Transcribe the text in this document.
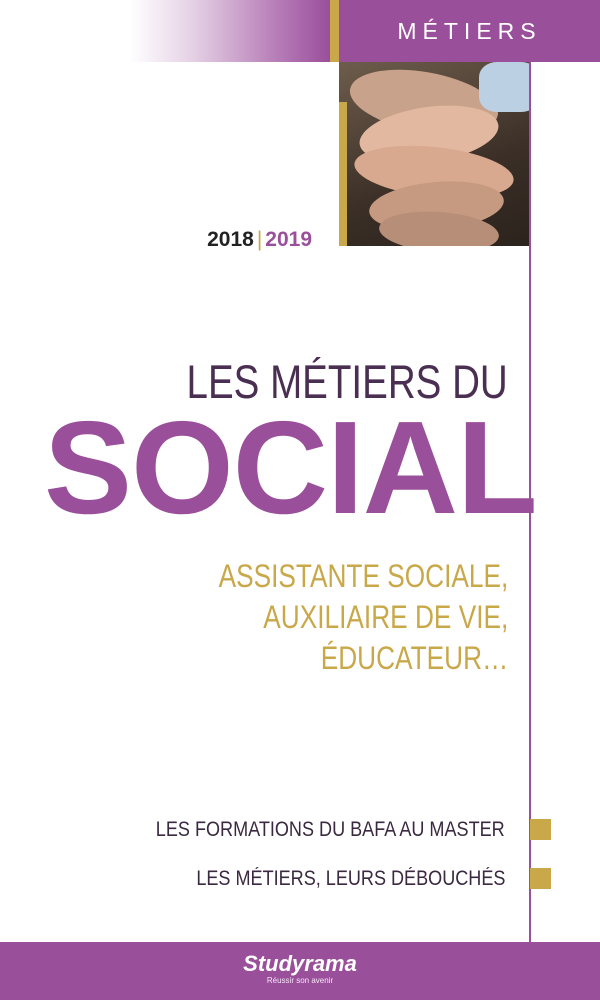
MÉTIERS
2018 | 2019
LES MÉTIERS DU
SOCIAL
ASSISTANTE SOCIALE,
AUXILIAIRE DE VIE,
ÉDUCATEUR…
LES FORMATIONS DU BAFA AU MASTER
LES MÉTIERS, LEURS DÉBOUCHÉS
Studyrama
Réussir son avenir
